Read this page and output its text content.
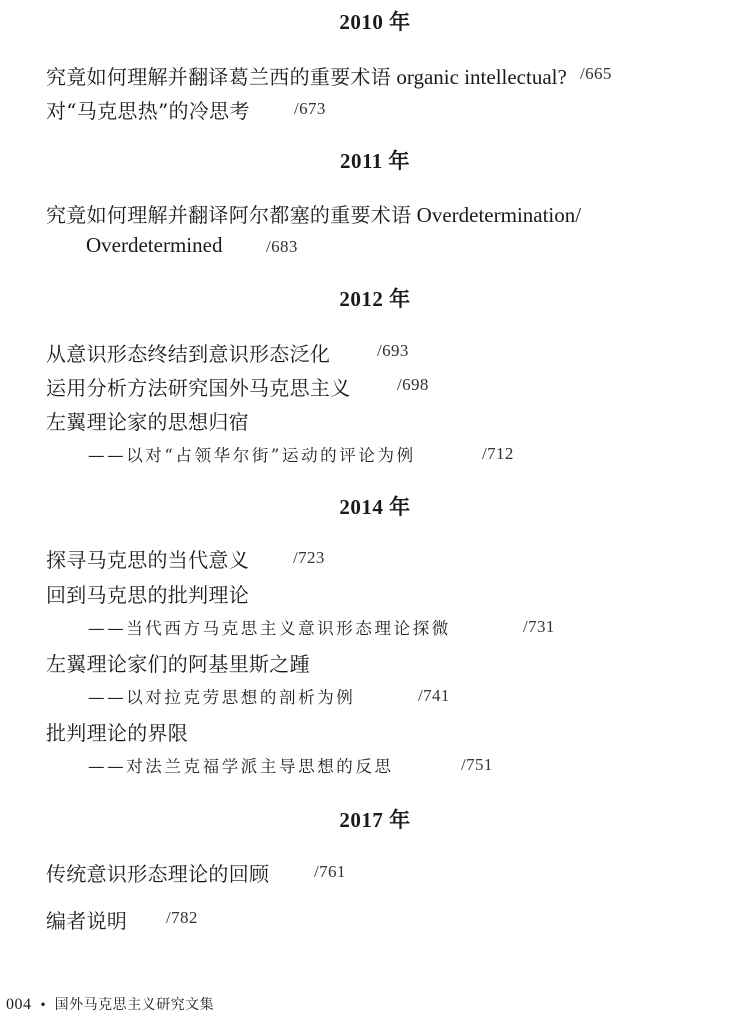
2010 年
究竟如何理解并翻译葛兰西的重要术语 organic intellectual? /665
对“马克思热”的冷思考	/673
2011 年
究竟如何理解并翻译阿尔都塞的重要术语 Overdetermination/
Overdetermined	/683
2012 年
从意识形态终结到意识形态泛化	/693
运用分析方法研究国外马克思主义	/698
左翼理论家的思想归宿
——以对“占领华尔街”运动的评论为例	/712
2014 年
探寻马克思的当代意义	/723
回到马克思的批判理论
——当代西方马克思主义意识形态理论探微	/731
左翼理论家们的阿基里斯之踵
——以对拉克劳思想的剖析为例	/741
批判理论的界限
——对法兰克福学派主导思想的反思	/751
2017 年
传统意识形态理论的回顾	/761
编者说明 /782
004 • 国外马克思主义研究文集
